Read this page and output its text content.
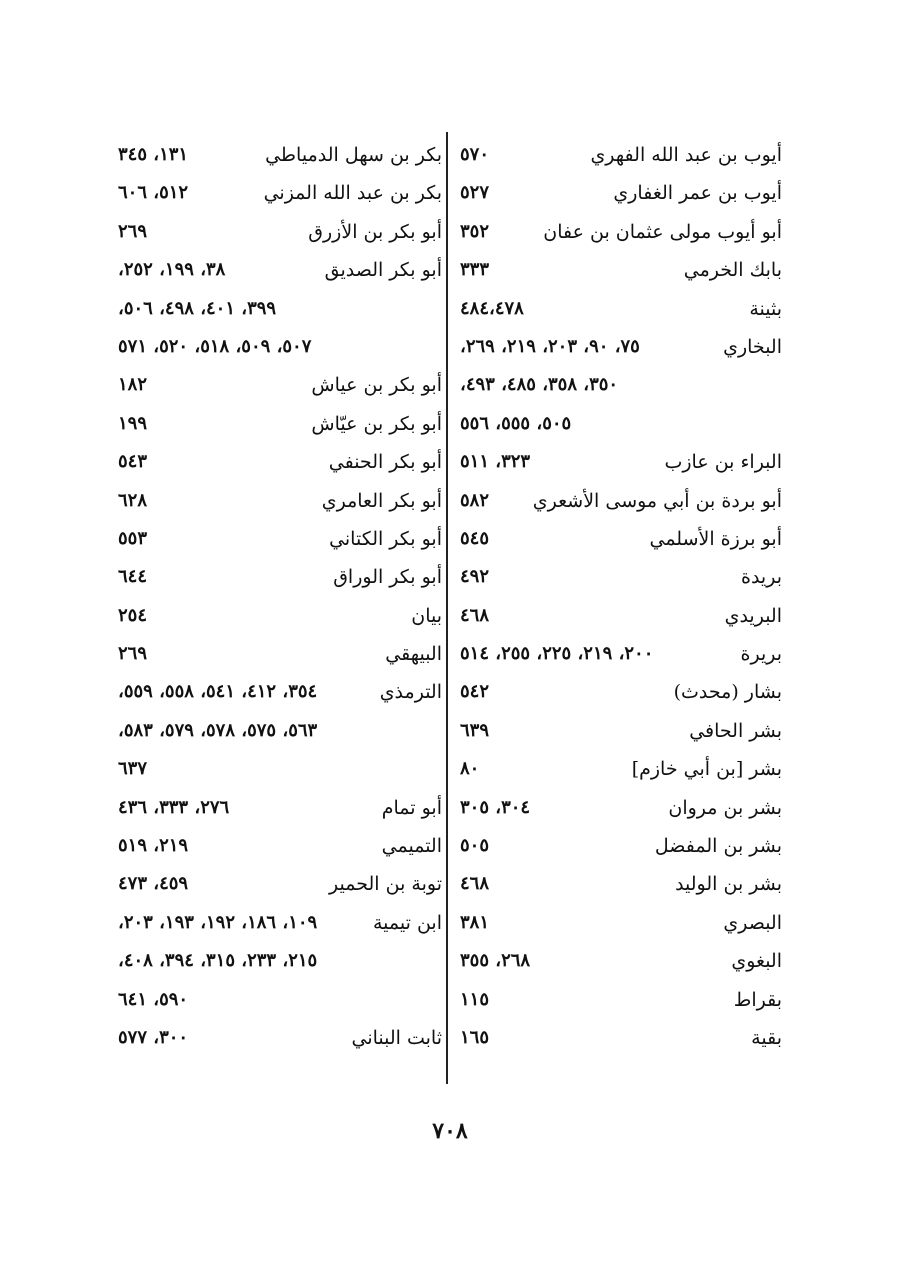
أيوب بن عبد الله الفهري
٥٧٠
أيوب بن عمر الغفاري
٥٢٧
أبو أيوب مولى عثمان بن عفان
٣٥٢
بابك الخرمي
٣٣٣
بثينة
٤٨٤،٤٧٨
البخاري
٧٥، ٩٠، ٢٠٣، ٢١٩، ٢٦٩،
٣٥٠، ٣٥٨، ٤٨٥، ٤٩٣،
٥٠٥، ٥٥٥، ٥٥٦
البراء بن عازب
٣٢٣، ٥١١
أبو بردة بن أبي موسى الأشعري
٥٨٢
أبو برزة الأسلمي
٥٤٥
بريدة
٤٩٢
البريدي
٤٦٨
بريرة
٢٠٠، ٢١٩، ٢٢٥، ٢٥٥، ٥١٤
بشار (محدث)
٥٤٢
بشر الحافي
٦٣٩
بشر [بن أبي خازم]
٨٠
بشر بن مروان
٣٠٤، ٣٠٥
بشر بن المفضل
٥٠٥
بشر بن الوليد
٤٦٨
البصري
٣٨١
البغوي
٢٦٨، ٣٥٥
بقراط
١١٥
بقية
١٦٥
بكر بن سهل الدمياطي
١٣١، ٣٤٥
بكر بن عبد الله المزني
٥١٢، ٦٠٦
أبو بكر بن الأزرق
٢٦٩
أبو بكر الصديق
٣٨، ١٩٩، ٢٥٢،
٣٩٩، ٤٠١، ٤٩٨، ٥٠٦،
٥٠٧، ٥٠٩، ٥١٨، ٥٢٠، ٥٧١
أبو بكر بن عياش
١٨٢
أبو بكر بن عيّاش
١٩٩
أبو بكر الحنفي
٥٤٣
أبو بكر العامري
٦٢٨
أبو بكر الكتاني
٥٥٣
أبو بكر الوراق
٦٤٤
بيان
٢٥٤
البيهقي
٢٦٩
الترمذي
٣٥٤، ٤١٢، ٥٤١، ٥٥٨، ٥٥٩،
٥٦٣، ٥٧٥، ٥٧٨، ٥٧٩، ٥٨٣،
٦٣٧
أبو تمام
٢٧٦، ٣٣٣، ٤٣٦
التميمي
٢١٩، ٥١٩
توبة بن الحمير
٤٥٩، ٤٧٣
ابن تيمية
١٠٩، ١٨٦، ١٩٢، ١٩٣، ٢٠٣،
٢١٥، ٢٣٣، ٣١٥، ٣٩٤، ٤٠٨،
٥٩٠، ٦٤١
ثابت البناني
٣٠٠، ٥٧٧
٧٠٨
